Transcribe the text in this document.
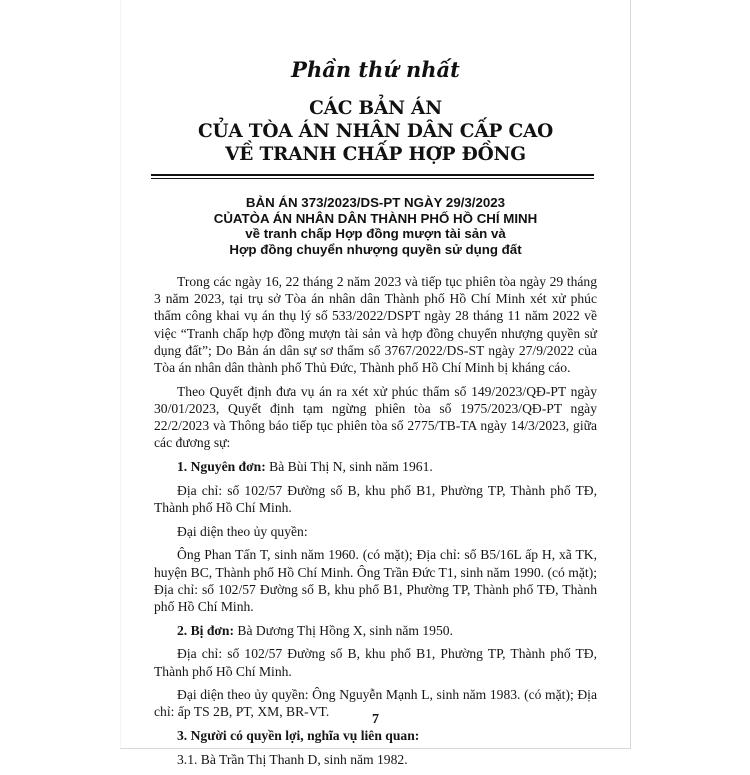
Phần thứ nhất
CÁC BẢN ÁN
CỦA TÒA ÁN NHÂN DÂN CẤP CAO
VỀ TRANH CHẤP HỢP ĐỒNG
BẢN ÁN 373/2023/DS-PT NGÀY 29/3/2023
CỦATÒA ÁN NHÂN DÂN THÀNH PHỐ HỒ CHÍ MINH
về tranh chấp Hợp đồng mượn tài sản và
Hợp đồng chuyển nhượng quyền sử dụng đất

Trong các ngày 16, 22 tháng 2 năm 2023 và tiếp tục phiên tòa ngày 29 tháng 3 năm 2023, tại trụ sở Tòa án nhân dân Thành phố Hồ Chí Minh xét xử phúc thẩm công khai vụ án thụ lý số 533/2022/DSPT ngày 28 tháng 11 năm 2022 về việc “Tranh chấp hợp đồng mượn tài sản và hợp đồng chuyển nhượng quyền sử dụng đất”; Do Bản án dân sự sơ thẩm số 3767/2022/DS-ST ngày 27/9/2022 của Tòa án nhân dân thành phố Thủ Đức, Thành phố Hồ Chí Minh bị kháng cáo.

Theo Quyết định đưa vụ án ra xét xử phúc thẩm số 149/2023/QĐ-PT ngày 30/01/2023, Quyết định tạm ngừng phiên tòa số 1975/2023/QĐ-PT ngày 22/2/2023 và Thông báo tiếp tục phiên tòa số 2775/TB-TA ngày 14/3/2023, giữa các đương sự:

1. Nguyên đơn: Bà Bùi Thị N, sinh năm 1961.

Địa chỉ: số 102/57 Đường số B, khu phố B1, Phường TP, Thành phố TĐ, Thành phố Hồ Chí Minh.

Đại diện theo ủy quyền:

Ông Phan Tấn T, sinh năm 1960. (có mặt); Địa chỉ: số B5/16L ấp H, xã TK, huyện BC, Thành phố Hồ Chí Minh. Ông Trần Đức T1, sinh năm 1990. (có mặt); Địa chỉ: số 102/57 Đường số B, khu phố B1, Phường TP, Thành phố TĐ, Thành phố Hồ Chí Minh.

2. Bị đơn: Bà Dương Thị Hồng X, sinh năm 1950.

Địa chỉ: số 102/57 Đường số B, khu phố B1, Phường TP, Thành phố TĐ, Thành phố Hồ Chí Minh.

Đại diện theo ủy quyền: Ông Nguyễn Mạnh L, sinh năm 1983. (có mặt); Địa chỉ: ấp TS 2B, PT, XM, BR-VT.

3. Người có quyền lợi, nghĩa vụ liên quan:

3.1. Bà Trần Thị Thanh D, sinh năm 1982.

7
